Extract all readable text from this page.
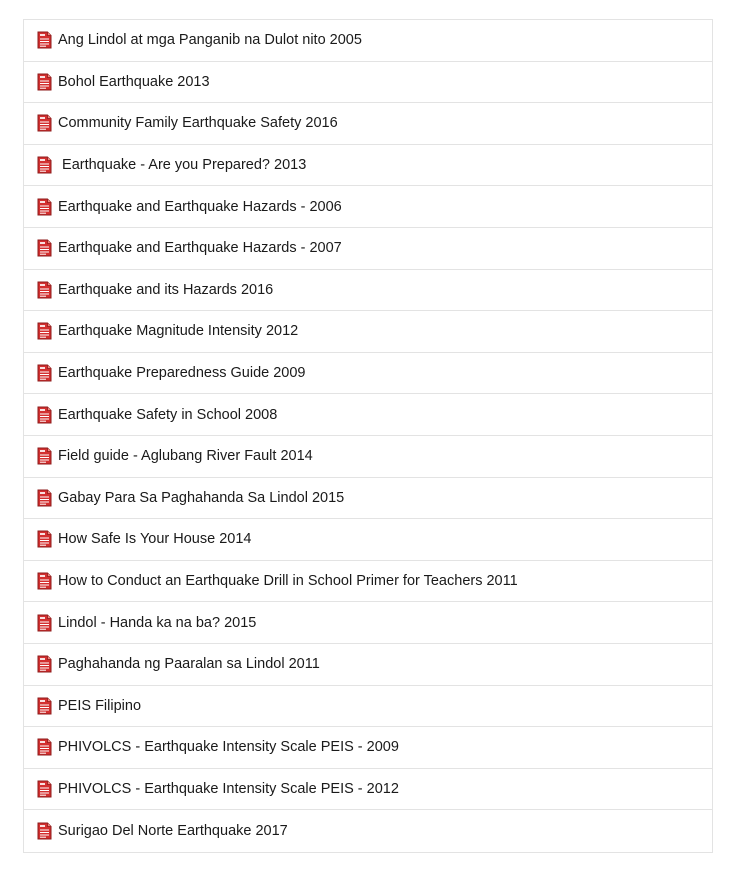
Ang Lindol at mga Panganib na Dulot nito 2005
Bohol Earthquake 2013
Community Family Earthquake Safety 2016
Earthquake - Are you Prepared? 2013
Earthquake and Earthquake Hazards - 2006
Earthquake and Earthquake Hazards - 2007
Earthquake and its Hazards 2016
Earthquake Magnitude Intensity 2012
Earthquake Preparedness Guide 2009
Earthquake Safety in School 2008
Field guide - Aglubang River Fault 2014
Gabay Para Sa Paghahanda Sa Lindol 2015
How Safe Is Your House 2014
How to Conduct an Earthquake Drill in School Primer for Teachers 2011
Lindol - Handa ka na ba? 2015
Paghahanda ng Paaralan sa Lindol 2011
PEIS Filipino
PHIVOLCS - Earthquake Intensity Scale PEIS - 2009
PHIVOLCS - Earthquake Intensity Scale PEIS - 2012
Surigao Del Norte Earthquake 2017
